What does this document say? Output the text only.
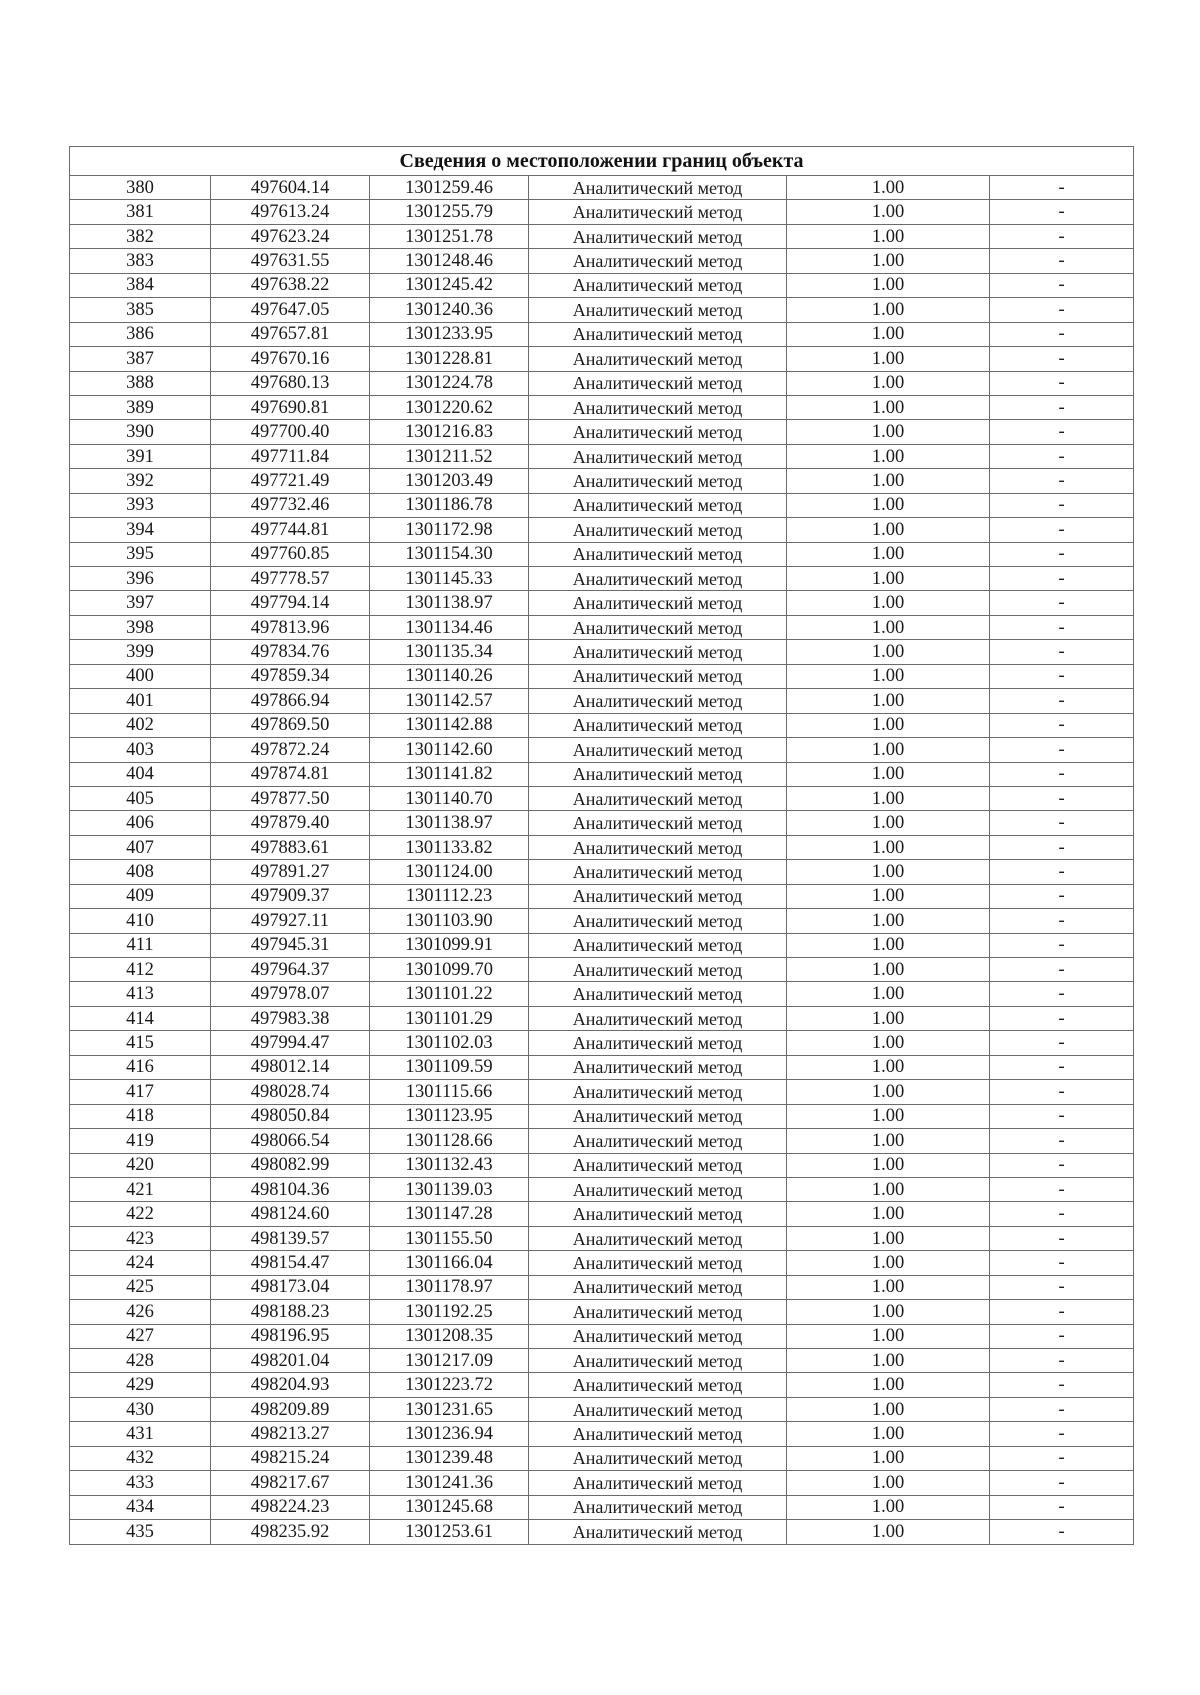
Сведения о местоположении границ объекта					
380	497604.14	1301259.46	Аналитический метод	1.00	-
381	497613.24	1301255.79	Аналитический метод	1.00	-
382	497623.24	1301251.78	Аналитический метод	1.00	-
383	497631.55	1301248.46	Аналитический метод	1.00	-
384	497638.22	1301245.42	Аналитический метод	1.00	-
385	497647.05	1301240.36	Аналитический метод	1.00	-
386	497657.81	1301233.95	Аналитический метод	1.00	-
387	497670.16	1301228.81	Аналитический метод	1.00	-
388	497680.13	1301224.78	Аналитический метод	1.00	-
389	497690.81	1301220.62	Аналитический метод	1.00	-
390	497700.40	1301216.83	Аналитический метод	1.00	-
391	497711.84	1301211.52	Аналитический метод	1.00	-
392	497721.49	1301203.49	Аналитический метод	1.00	-
393	497732.46	1301186.78	Аналитический метод	1.00	-
394	497744.81	1301172.98	Аналитический метод	1.00	-
395	497760.85	1301154.30	Аналитический метод	1.00	-
396	497778.57	1301145.33	Аналитический метод	1.00	-
397	497794.14	1301138.97	Аналитический метод	1.00	-
398	497813.96	1301134.46	Аналитический метод	1.00	-
399	497834.76	1301135.34	Аналитический метод	1.00	-
400	497859.34	1301140.26	Аналитический метод	1.00	-
401	497866.94	1301142.57	Аналитический метод	1.00	-
402	497869.50	1301142.88	Аналитический метод	1.00	-
403	497872.24	1301142.60	Аналитический метод	1.00	-
404	497874.81	1301141.82	Аналитический метод	1.00	-
405	497877.50	1301140.70	Аналитический метод	1.00	-
406	497879.40	1301138.97	Аналитический метод	1.00	-
407	497883.61	1301133.82	Аналитический метод	1.00	-
408	497891.27	1301124.00	Аналитический метод	1.00	-
409	497909.37	1301112.23	Аналитический метод	1.00	-
410	497927.11	1301103.90	Аналитический метод	1.00	-
411	497945.31	1301099.91	Аналитический метод	1.00	-
412	497964.37	1301099.70	Аналитический метод	1.00	-
413	497978.07	1301101.22	Аналитический метод	1.00	-
414	497983.38	1301101.29	Аналитический метод	1.00	-
415	497994.47	1301102.03	Аналитический метод	1.00	-
416	498012.14	1301109.59	Аналитический метод	1.00	-
417	498028.74	1301115.66	Аналитический метод	1.00	-
418	498050.84	1301123.95	Аналитический метод	1.00	-
419	498066.54	1301128.66	Аналитический метод	1.00	-
420	498082.99	1301132.43	Аналитический метод	1.00	-
421	498104.36	1301139.03	Аналитический метод	1.00	-
422	498124.60	1301147.28	Аналитический метод	1.00	-
423	498139.57	1301155.50	Аналитический метод	1.00	-
424	498154.47	1301166.04	Аналитический метод	1.00	-
425	498173.04	1301178.97	Аналитический метод	1.00	-
426	498188.23	1301192.25	Аналитический метод	1.00	-
427	498196.95	1301208.35	Аналитический метод	1.00	-
428	498201.04	1301217.09	Аналитический метод	1.00	-
429	498204.93	1301223.72	Аналитический метод	1.00	-
430	498209.89	1301231.65	Аналитический метод	1.00	-
431	498213.27	1301236.94	Аналитический метод	1.00	-
432	498215.24	1301239.48	Аналитический метод	1.00	-
433	498217.67	1301241.36	Аналитический метод	1.00	-
434	498224.23	1301245.68	Аналитический метод	1.00	-
435	498235.92	1301253.61	Аналитический метод	1.00	-
